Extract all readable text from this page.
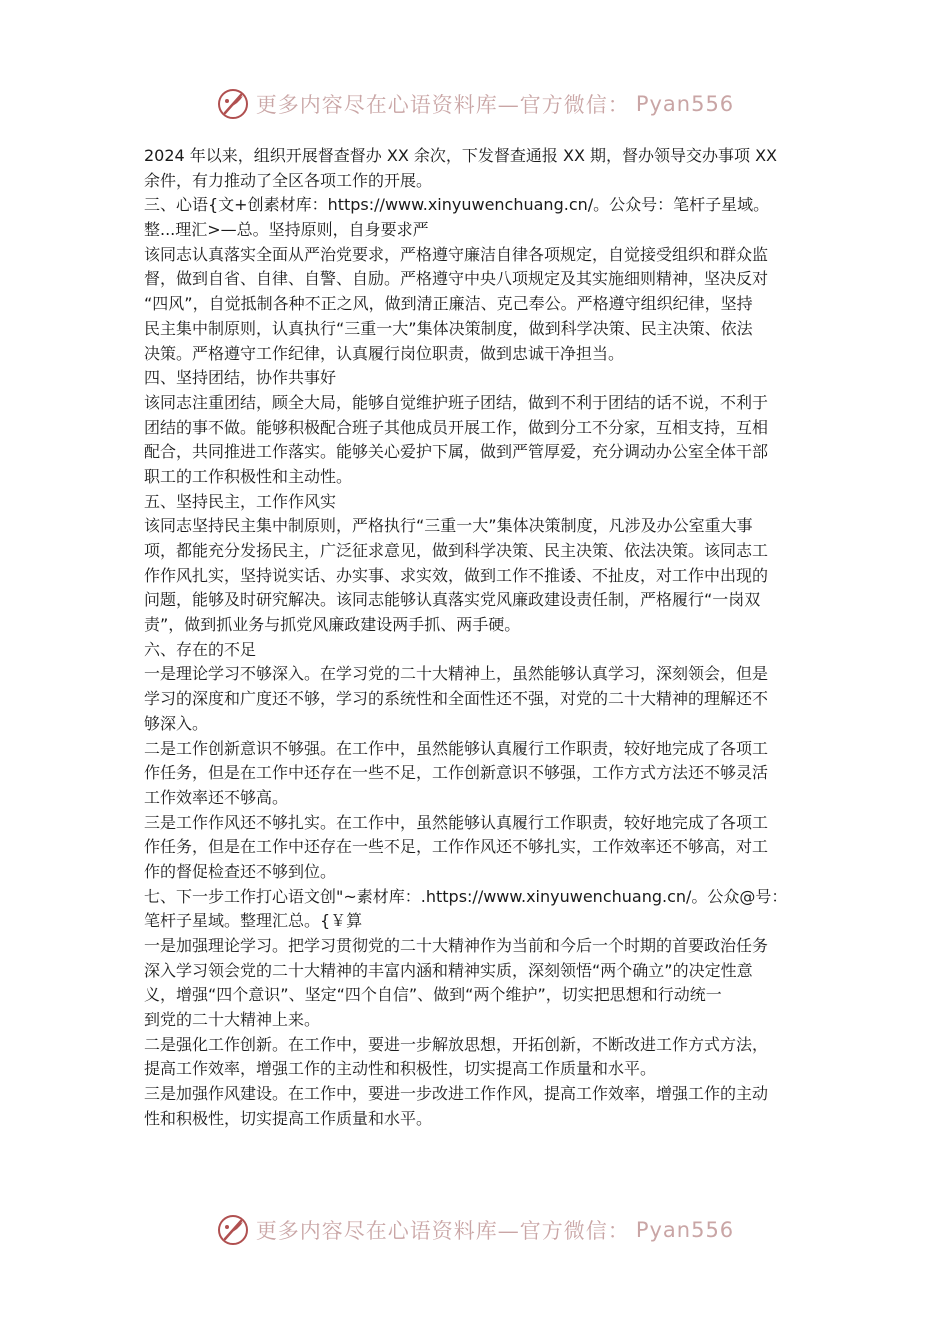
更多内容尽在心语资料库—官方微信： Pyan556
2024 年以来，组织开展督查督办 XX 余次，下发督查通报 XX 期，督办领导交办事项 XX
余件，有力推动了全区各项工作的开展。
三、心语{文+创素材库：https://www.xinyuwenchuang.cn/。公众号：笔杆子星域。
整...理汇>—总。坚持原则，自身要求严
该同志认真落实全面从严治党要求，严格遵守廉洁自律各项规定，自觉接受组织和群众监
督，做到自省、自律、自警、自励。严格遵守中央八项规定及其实施细则精神，坚决反对
“四风”，自觉抵制各种不正之风，做到清正廉洁、克己奉公。严格遵守组织纪律，坚持
民主集中制原则，认真执行“三重一大”集体决策制度，做到科学决策、民主决策、依法
决策。严格遵守工作纪律，认真履行岗位职责，做到忠诚干净担当。
四、坚持团结，协作共事好
该同志注重团结，顾全大局，能够自觉维护班子团结，做到不利于团结的话不说，不利于
团结的事不做。能够积极配合班子其他成员开展工作，做到分工不分家，互相支持，互相
配合，共同推进工作落实。能够关心爱护下属，做到严管厚爱，充分调动办公室全体干部
职工的工作积极性和主动性。
五、坚持民主，工作作风实
该同志坚持民主集中制原则，严格执行“三重一大”集体决策制度，凡涉及办公室重大事
项，都能充分发扬民主，广泛征求意见，做到科学决策、民主决策、依法决策。该同志工
作作风扎实，坚持说实话、办实事、求实效，做到工作不推诿、不扯皮，对工作中出现的
问题，能够及时研究解决。该同志能够认真落实党风廉政建设责任制，严格履行“一岗双
责”，做到抓业务与抓党风廉政建设两手抓、两手硬。
六、存在的不足
一是理论学习不够深入。在学习党的二十大精神上，虽然能够认真学习，深刻领会，但是
学习的深度和广度还不够，学习的系统性和全面性还不强，对党的二十大精神的理解还不
够深入。
二是工作创新意识不够强。在工作中，虽然能够认真履行工作职责，较好地完成了各项工
作任务，但是在工作中还存在一些不足，工作创新意识不够强，工作方式方法还不够灵活
工作效率还不够高。
三是工作作风还不够扎实。在工作中，虽然能够认真履行工作职责，较好地完成了各项工
作任务，但是在工作中还存在一些不足，工作作风还不够扎实，工作效率还不够高，对工
作的督促检查还不够到位。
七、下一步工作打心语文创"~素材库：.https://www.xinyuwenchuang.cn/。公众@号：
笔杆子星域。整理汇总。{￥算
一是加强理论学习。把学习贯彻党的二十大精神作为当前和今后一个时期的首要政治任务
深入学习领会党的二十大精神的丰富内涵和精神实质，深刻领悟“两个确立”的决定性意
义，增强“四个意识”、坚定“四个自信”、做到“两个维护”，切实把思想和行动统一
到党的二十大精神上来。
二是强化工作创新。在工作中，要进一步解放思想，开拓创新，不断改进工作方式方法，
提高工作效率，增强工作的主动性和积极性，切实提高工作质量和水平。
三是加强作风建设。在工作中，要进一步改进工作作风，提高工作效率，增强工作的主动
性和积极性，切实提高工作质量和水平。
更多内容尽在心语资料库—官方微信： Pyan556
